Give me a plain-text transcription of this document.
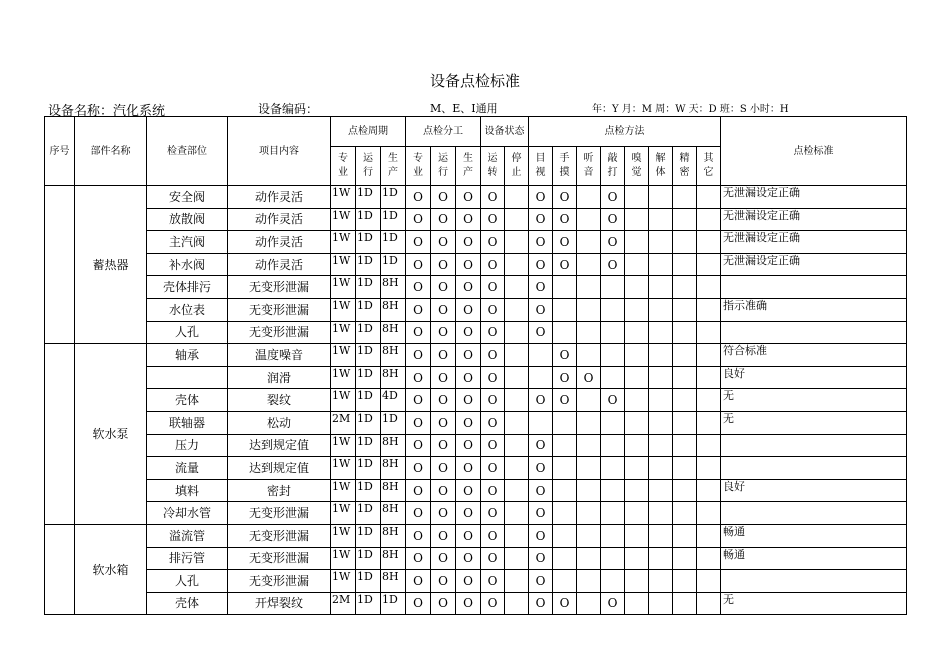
设备点检标准
设备名称：汽化系统	设备编码：	M、E、I通用	年：Y 月：M 周：W 天：D 班：S 小时：H
序号	部件名称	检查部位	项目内容	点检周期			点检分工			设备状态		点检方法								点检标准
				专业	运行	生产	专业	运行	生产	运转	停止	目视	手摸	听音	敲打	嗅觉	解体	精密	其它	
	蓄热器	安全阀	动作灵活	1W	1D	1D	O	O	O	O		O	O		O					无泄漏设定正确
		放散阀	动作灵活	1W	1D	1D	O	O	O	O		O	O		O					无泄漏设定正确
		主汽阀	动作灵活	1W	1D	1D	O	O	O	O		O	O		O					无泄漏设定正确
		补水阀	动作灵活	1W	1D	1D	O	O	O	O		O	O		O					无泄漏设定正确
		壳体排污	无变形泄漏	1W	1D	8H	O	O	O	O		O								
		水位表	无变形泄漏	1W	1D	8H	O	O	O	O		O								指示准确
		人孔	无变形泄漏	1W	1D	8H	O	O	O	O		O								
	软水泵	轴承	温度噪音	1W	1D	8H	O	O	O	O			O							符合标准
			润滑	1W	1D	8H	O	O	O	O			O	O						良好
		壳体	裂纹	1W	1D	4D	O	O	O	O		O	O		O					无
		联轴器	松动	2M	1D	1D	O	O	O	O										无
		压力	达到规定值	1W	1D	8H	O	O	O	O		O								
		流量	达到规定值	1W	1D	8H	O	O	O	O		O								
		填料	密封	1W	1D	8H	O	O	O	O		O								良好
		冷却水管	无变形泄漏	1W	1D	8H	O	O	O	O		O								
	软水箱	溢流管	无变形泄漏	1W	1D	8H	O	O	O	O		O								畅通
		排污管	无变形泄漏	1W	1D	8H	O	O	O	O		O								畅通
		人孔	无变形泄漏	1W	1D	8H	O	O	O	O		O								
		壳体	开焊裂纹	2M	1D	1D	O	O	O	O		O	O		O					无
